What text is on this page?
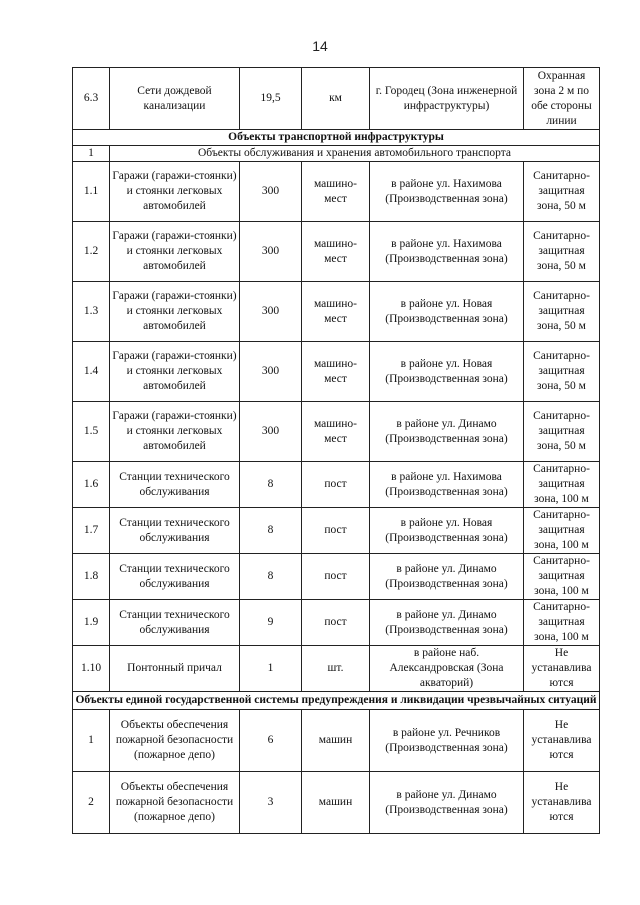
14
6.3	Сети дождевой канализации	19,5	км	г. Городец (Зона инженерной инфраструктуры)	Охранная зона 2 м по обе стороны линии
Объекты транспортной инфраструктуры					
1	Объекты обслуживания и хранения автомобильного транспорта				
1.1	Гаражи (гаражи-стоянки) и стоянки легковых автомобилей	300	машино-мест	в районе ул. Нахимова (Производственная зона)	Санитарно-защитная зона, 50 м
1.2	Гаражи (гаражи-стоянки) и стоянки легковых автомобилей	300	машино-мест	в районе ул. Нахимова (Производственная зона)	Санитарно-защитная зона, 50 м
1.3	Гаражи (гаражи-стоянки) и стоянки легковых автомобилей	300	машино-мест	в районе ул. Новая (Производственная зона)	Санитарно-защитная зона, 50 м
1.4	Гаражи (гаражи-стоянки) и стоянки легковых автомобилей	300	машино-мест	в районе ул. Новая (Производственная зона)	Санитарно-защитная зона, 50 м
1.5	Гаражи (гаражи-стоянки) и стоянки легковых автомобилей	300	машино-мест	в районе ул. Динамо (Производственная зона)	Санитарно-защитная зона, 50 м
1.6	Станции технического обслуживания	8	пост	в районе ул. Нахимова (Производственная зона)	Санитарно-защитная зона, 100 м
1.7	Станции технического обслуживания	8	пост	в районе ул. Новая (Производственная зона)	Санитарно-защитная зона, 100 м
1.8	Станции технического обслуживания	8	пост	в районе ул. Динамо (Производственная зона)	Санитарно-защитная зона, 100 м
1.9	Станции технического обслуживания	9	пост	в районе ул. Динамо (Производственная зона)	Санитарно-защитная зона, 100 м
1.10	Понтонный причал	1	шт.	в районе наб. Александровская (Зона акваторий)	Не устанавлива ются
Объекты единой государственной системы предупреждения и ликвидации чрезвычайных ситуаций					
1	Объекты обеспечения пожарной безопасности (пожарное депо)	6	машин	в районе ул. Речников (Производственная зона)	Не устанавлива ются
2	Объекты обеспечения пожарной безопасности (пожарное депо)	3	машин	в районе ул. Динамо (Производственная зона)	Не устанавлива ются
